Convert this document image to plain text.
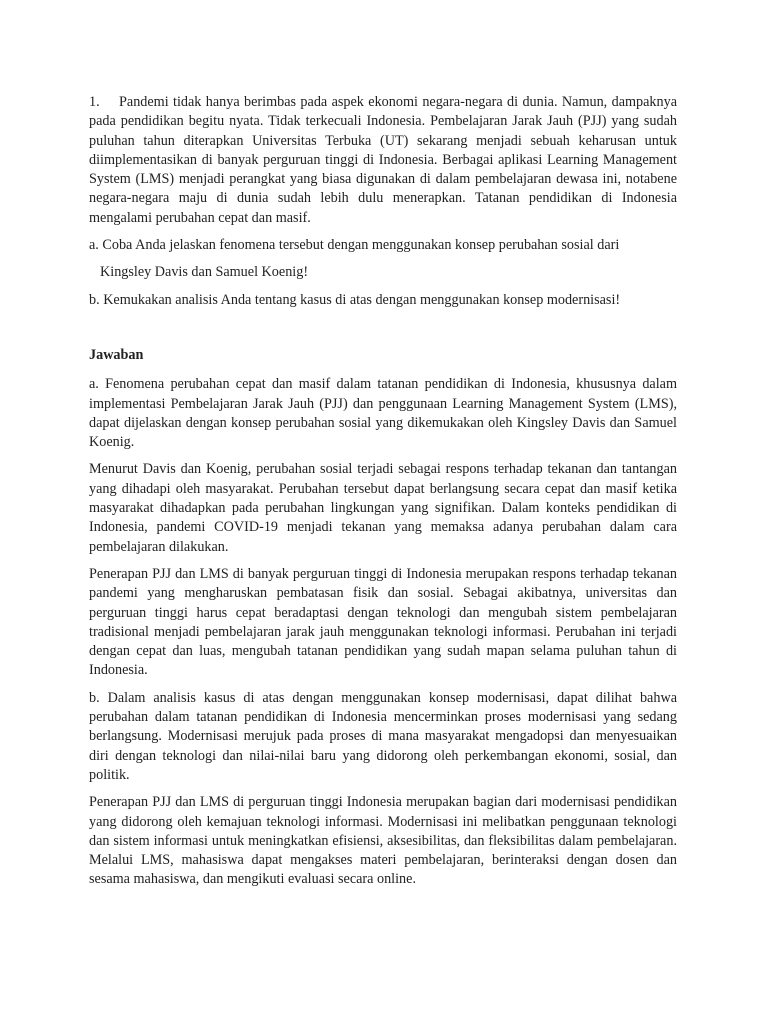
1. Pandemi tidak hanya berimbas pada aspek ekonomi negara-negara di dunia. Namun, dampaknya pada pendidikan begitu nyata. Tidak terkecuali Indonesia. Pembelajaran Jarak Jauh (PJJ) yang sudah puluhan tahun diterapkan Universitas Terbuka (UT) sekarang menjadi sebuah keharusan untuk diimplementasikan di banyak perguruan tinggi di Indonesia. Berbagai aplikasi Learning Management System (LMS) menjadi perangkat yang biasa digunakan di dalam pembelajaran dewasa ini, notabene negara-negara maju di dunia sudah lebih dulu menerapkan. Tatanan pendidikan di Indonesia mengalami perubahan cepat dan masif.

a. Coba Anda jelaskan fenomena tersebut dengan menggunakan konsep perubahan sosial dari

Kingsley Davis dan Samuel Koenig!

b. Kemukakan analisis Anda tentang kasus di atas dengan menggunakan konsep modernisasi!

Jawaban

a. Fenomena perubahan cepat dan masif dalam tatanan pendidikan di Indonesia, khususnya dalam implementasi Pembelajaran Jarak Jauh (PJJ) dan penggunaan Learning Management System (LMS), dapat dijelaskan dengan konsep perubahan sosial yang dikemukakan oleh Kingsley Davis dan Samuel Koenig.

Menurut Davis dan Koenig, perubahan sosial terjadi sebagai respons terhadap tekanan dan tantangan yang dihadapi oleh masyarakat. Perubahan tersebut dapat berlangsung secara cepat dan masif ketika masyarakat dihadapkan pada perubahan lingkungan yang signifikan. Dalam konteks pendidikan di Indonesia, pandemi COVID-19 menjadi tekanan yang memaksa adanya perubahan dalam cara pembelajaran dilakukan.

Penerapan PJJ dan LMS di banyak perguruan tinggi di Indonesia merupakan respons terhadap tekanan pandemi yang mengharuskan pembatasan fisik dan sosial. Sebagai akibatnya, universitas dan perguruan tinggi harus cepat beradaptasi dengan teknologi dan mengubah sistem pembelajaran tradisional menjadi pembelajaran jarak jauh menggunakan teknologi informasi. Perubahan ini terjadi dengan cepat dan luas, mengubah tatanan pendidikan yang sudah mapan selama puluhan tahun di Indonesia.

b. Dalam analisis kasus di atas dengan menggunakan konsep modernisasi, dapat dilihat bahwa perubahan dalam tatanan pendidikan di Indonesia mencerminkan proses modernisasi yang sedang berlangsung. Modernisasi merujuk pada proses di mana masyarakat mengadopsi dan menyesuaikan diri dengan teknologi dan nilai-nilai baru yang didorong oleh perkembangan ekonomi, sosial, dan politik.

Penerapan PJJ dan LMS di perguruan tinggi Indonesia merupakan bagian dari modernisasi pendidikan yang didorong oleh kemajuan teknologi informasi. Modernisasi ini melibatkan penggunaan teknologi dan sistem informasi untuk meningkatkan efisiensi, aksesibilitas, dan fleksibilitas dalam pembelajaran. Melalui LMS, mahasiswa dapat mengakses materi pembelajaran, berinteraksi dengan dosen dan sesama mahasiswa, dan mengikuti evaluasi secara online.
